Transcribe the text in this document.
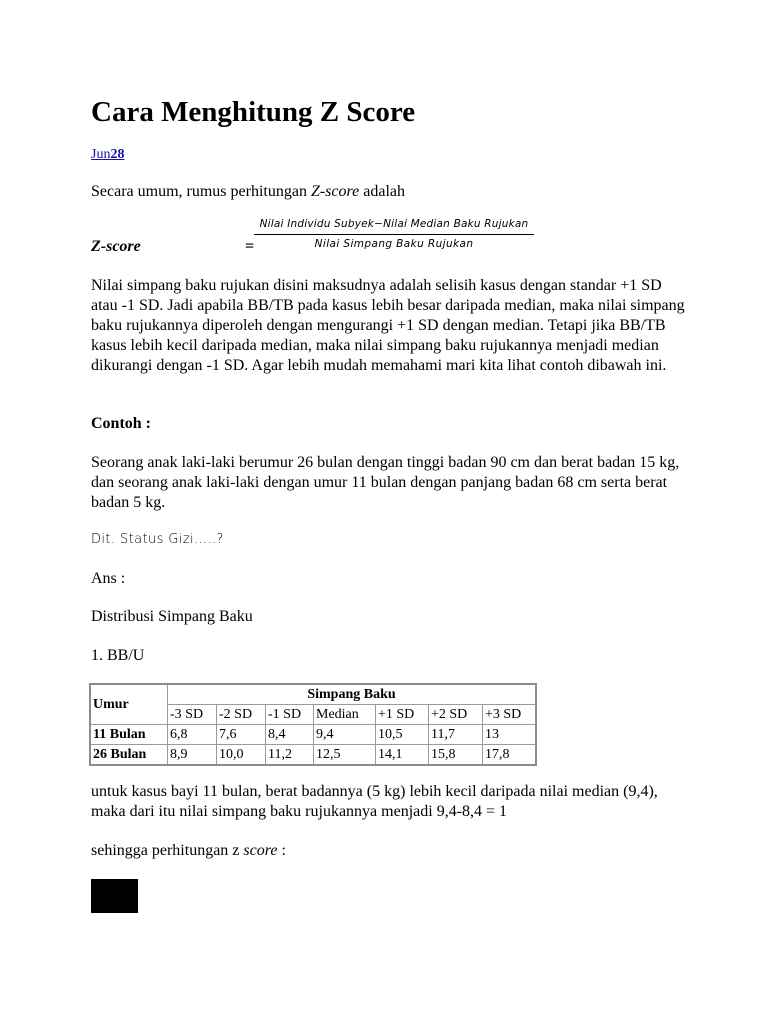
Cara Menghitung Z Score
Jun28

Secara umum, rumus perhitungan Z-score adalah

Nilai Individu Subyek−Nilai Median Baku Rujukan
Nilai Simpang Baku Rujukan
Z-score	=

Nilai simpang baku rujukan disini maksudnya adalah selisih kasus dengan standar +1 SD atau -1 SD. Jadi apabila BB/TB pada kasus lebih besar daripada median, maka nilai simpang baku rujukannya diperoleh dengan mengurangi +1 SD dengan median. Tetapi jika BB/TB kasus lebih kecil daripada median, maka nilai simpang baku rujukannya menjadi median dikurangi dengan -1 SD. Agar lebih mudah memahami mari kita lihat contoh dibawah ini.

Contoh :

Seorang anak laki-laki berumur 26 bulan dengan tinggi badan 90 cm dan berat badan 15 kg, dan seorang anak laki-laki dengan umur 11 bulan dengan panjang badan 68 cm serta berat badan 5 kg.

Dit. Status Gizi…..?

Ans :

Distribusi Simpang Baku

1. BB/U

Umur	Simpang Baku						
	-3 SD	-2 SD	-1 SD	Median	+1 SD	+2 SD	+3 SD
11 Bulan	6,8	7,6	8,4	9,4	10,5	11,7	13
26 Bulan	8,9	10,0	11,2	12,5	14,1	15,8	17,8

untuk kasus bayi 11 bulan, berat badannya (5 kg) lebih kecil daripada nilai median (9,4), maka dari itu nilai simpang baku rujukannya menjadi 9,4-8,4 = 1

sehingga perhitungan z score :
